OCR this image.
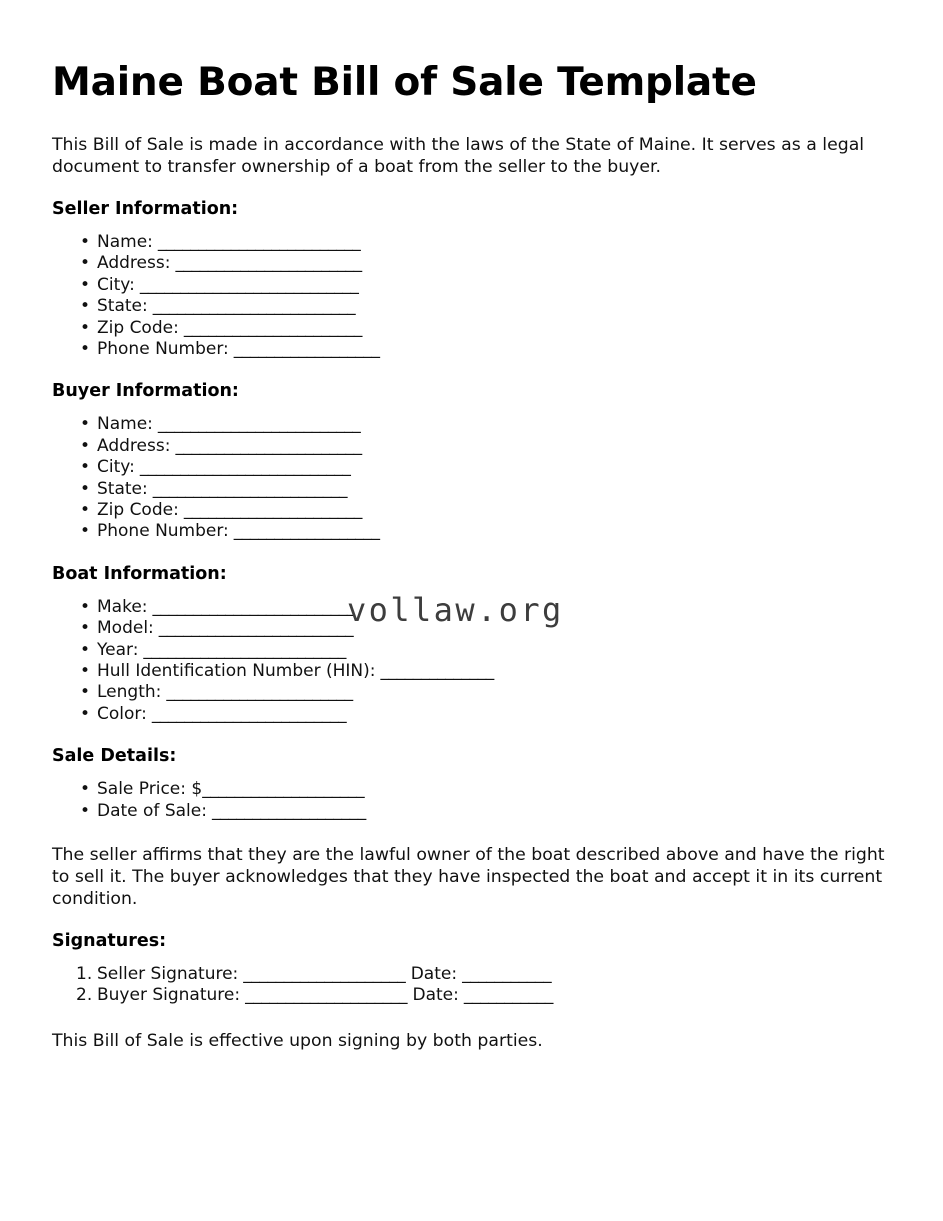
Maine Boat Bill of Sale Template

This Bill of Sale is made in accordance with the laws of the State of Maine. It serves as a legal document to transfer ownership of a boat from the seller to the buyer.

Seller Information:
• Name: _________________________
• Address: _______________________
• City: ___________________________
• State: _________________________
• Zip Code: ______________________
• Phone Number: __________________
Buyer Information:
• Name: _________________________
• Address: _______________________
• City: __________________________
• State: ________________________
• Zip Code: ______________________
• Phone Number: __________________
Boat Information:
• Make: _________________________
• Model: ________________________
• Year: _________________________
• Hull Identification Number (HIN): ______________
• Length: _______________________
• Color: ________________________
Sale Details:
• Sale Price: $____________________
• Date of Sale: ___________________

The seller affirms that they are the lawful owner of the boat described above and have the right to sell it. The buyer acknowledges that they have inspected the boat and accept it in its current condition.

Signatures:
Seller Signature: ____________________ Date: ___________
Buyer Signature: ____________________ Date: ___________

This Bill of Sale is effective upon signing by both parties.

vollaw.org
